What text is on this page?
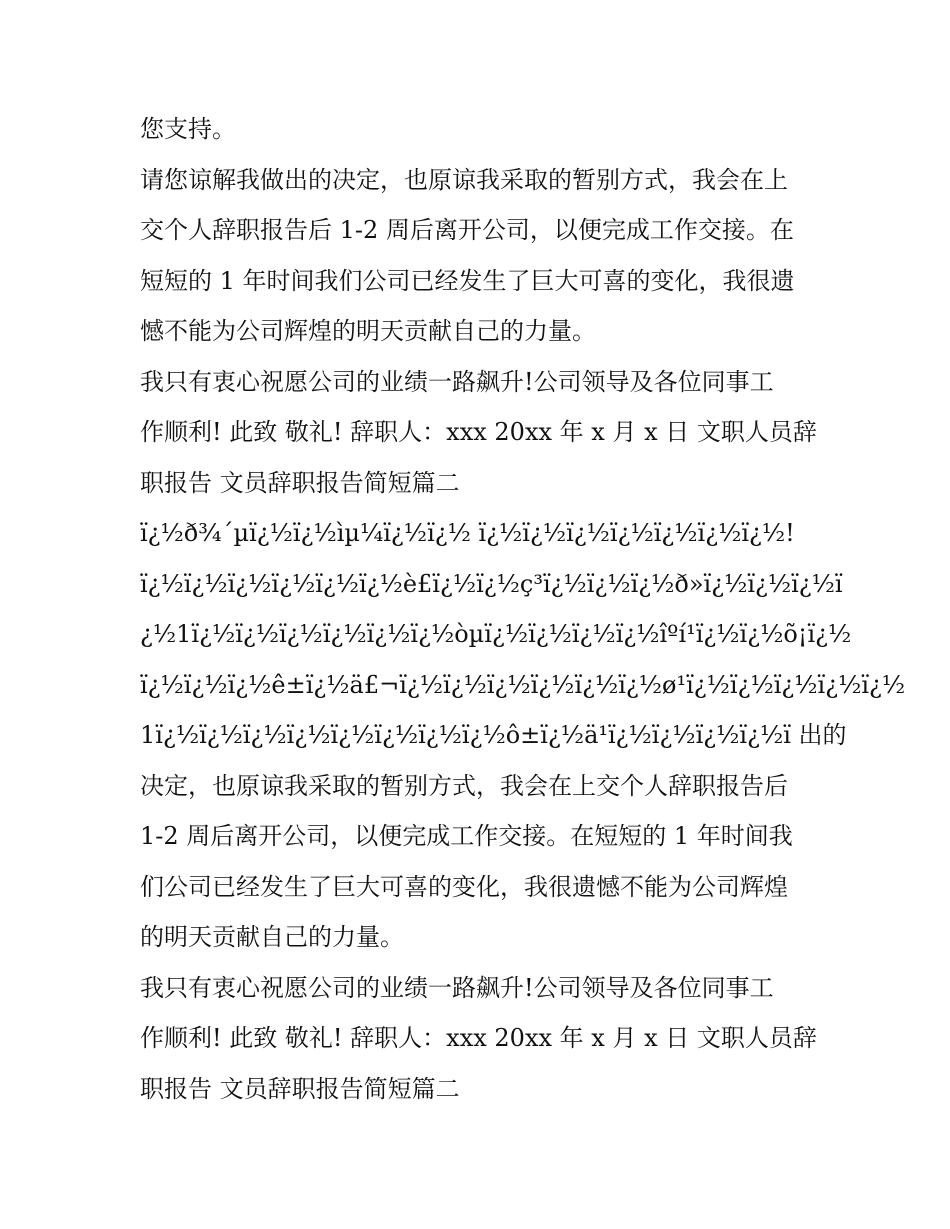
您支持。
请您谅解我做出的决定，也原谅我采取的暂别方式，我会在上
交个人辞职报告后 1-2 周后离开公司，以便完成工作交接。在
短短的 1 年时间我们公司已经发生了巨大可喜的变化，我很遗
憾不能为公司辉煌的明天贡献自己的力量。
我只有衷心祝愿公司的业绩一路飙升!公司领导及各位同事工
作顺利! 此致 敬礼! 辞职人：xxx 20xx 年 x 月 x 日 文职人员辞
职报告 文员辞职报告简短篇二
ï¿½ð¾´µï¿½ï¿½ìµ¼ï¿½ï¿½ ï¿½ï¿½ï¿½ï¿½ï¿½ï¿½ï¿½!
ï¿½ï¿½ï¿½ï¿½ï¿½ï¿½è£ï¿½ï¿½ç³ï¿½ï¿½ï¿½ð»ï¿½ï¿½ï¿½ï
¿½1ï¿½ï¿½ï¿½ï¿½ï¿½ï¿½òµï¿½ï¿½ï¿½ï¿½îºí¹ï¿½ï¿½õ¡ï¿½
ï¿½ï¿½ï¿½ê±ï¿½ä£¬ï¿½ï¿½ï¿½ï¿½ï¿½ï¿½ø¹ï¿½ï¿½ï¿½ï¿½ï¿½
1ï¿½ï¿½ï¿½ï¿½ï¿½ï¿½ï¿½ï¿½ô±ï¿½ä¹ï¿½ï¿½ï¿½ï¿½ï 出的
决定，也原谅我采取的暂别方式，我会在上交个人辞职报告后
1-2 周后离开公司，以便完成工作交接。在短短的 1 年时间我
们公司已经发生了巨大可喜的变化，我很遗憾不能为公司辉煌
的明天贡献自己的力量。
我只有衷心祝愿公司的业绩一路飙升!公司领导及各位同事工
作顺利! 此致 敬礼! 辞职人：xxx 20xx 年 x 月 x 日 文职人员辞
职报告 文员辞职报告简短篇二
